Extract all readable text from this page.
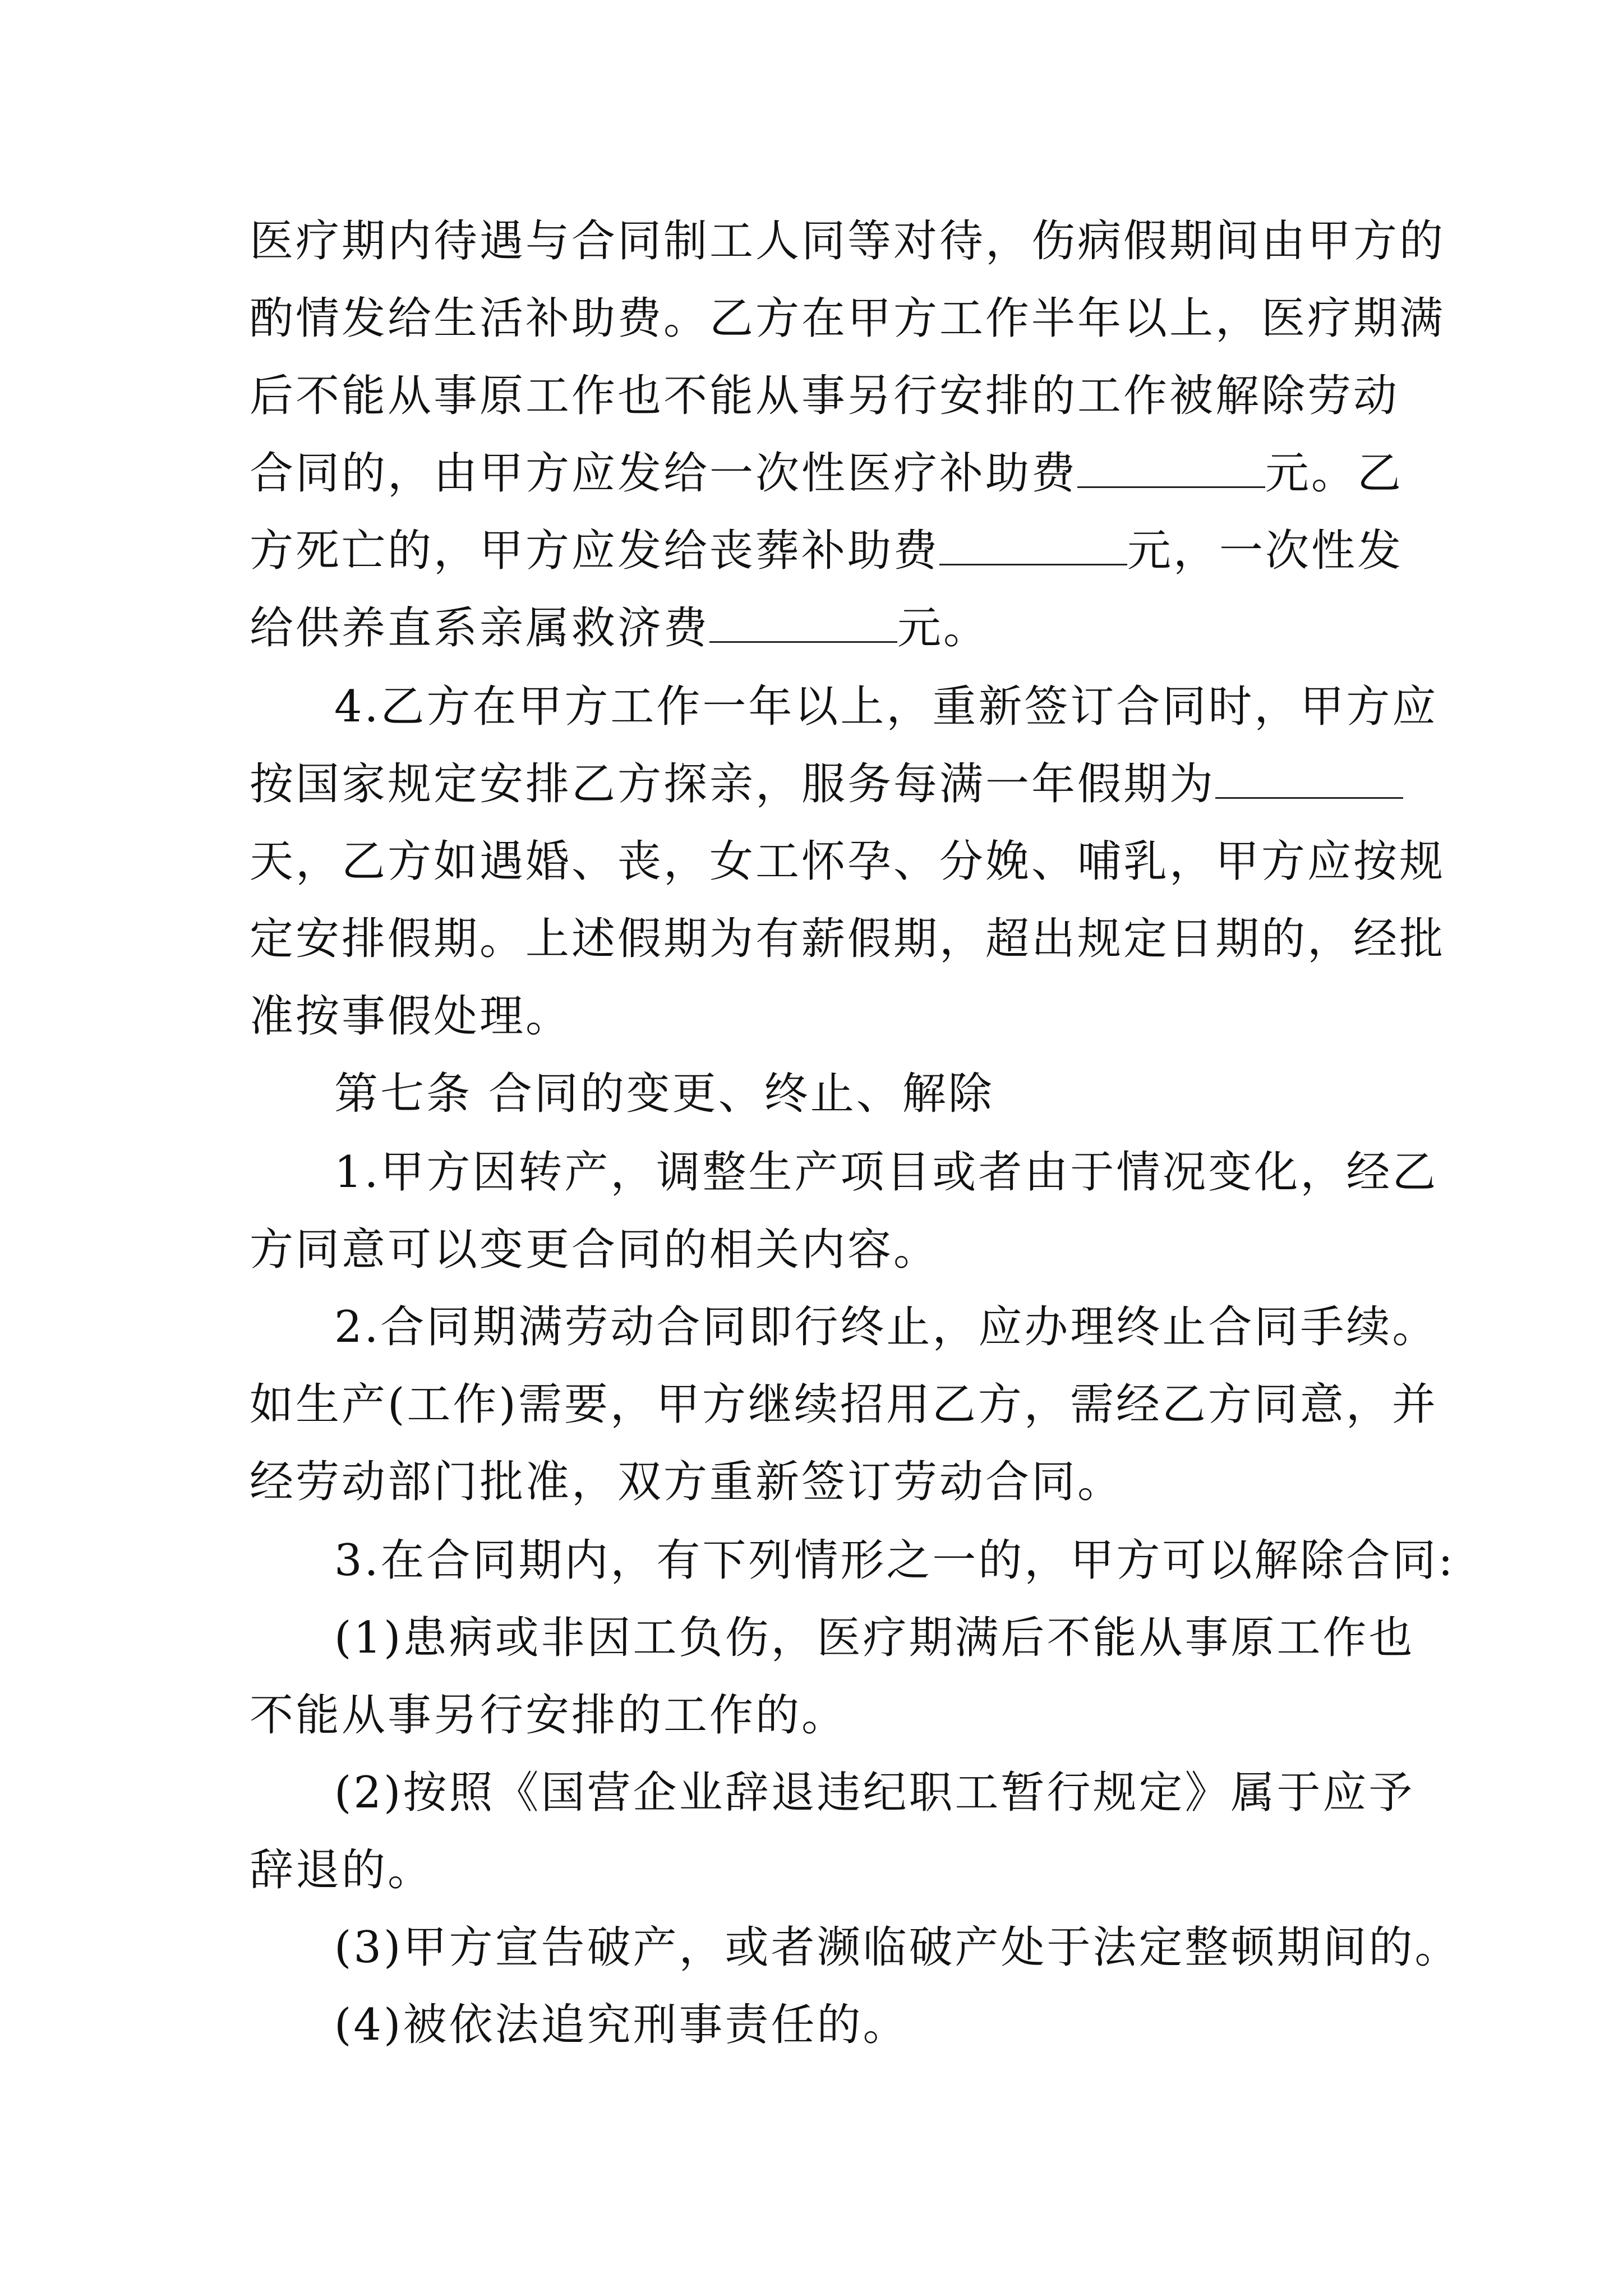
医疗期内待遇与合同制工人同等对待，伤病假期间由甲方的
酌情发给生活补助费。乙方在甲方工作半年以上，医疗期满
后不能从事原工作也不能从事另行安排的工作被解除劳动
合同的，由甲方应发给一次性医疗补助费	元。乙
方死亡的，甲方应发给丧葬补助费	元，一次性发
给供养直系亲属救济费	元。
4.乙方在甲方工作一年以上，重新签订合同时，甲方应
按国家规定安排乙方探亲，服务每满一年假期为
天，乙方如遇婚、丧，女工怀孕、分娩、哺乳，甲方应按规
定安排假期。上述假期为有薪假期，超出规定日期的，经批
准按事假处理。
第七条 合同的变更、终止、解除
1.甲方因转产，调整生产项目或者由于情况变化，经乙
方同意可以变更合同的相关内容。
2.合同期满劳动合同即行终止，应办理终止合同手续。
如生产(工作)需要，甲方继续招用乙方，需经乙方同意，并
经劳动部门批准，双方重新签订劳动合同。
3.在合同期内，有下列情形之一的，甲方可以解除合同:
(1)患病或非因工负伤，医疗期满后不能从事原工作也
不能从事另行安排的工作的。
(2)按照《国营企业辞退违纪职工暂行规定》属于应予
辞退的。
(3)甲方宣告破产，或者濒临破产处于法定整顿期间的。
(4)被依法追究刑事责任的。
